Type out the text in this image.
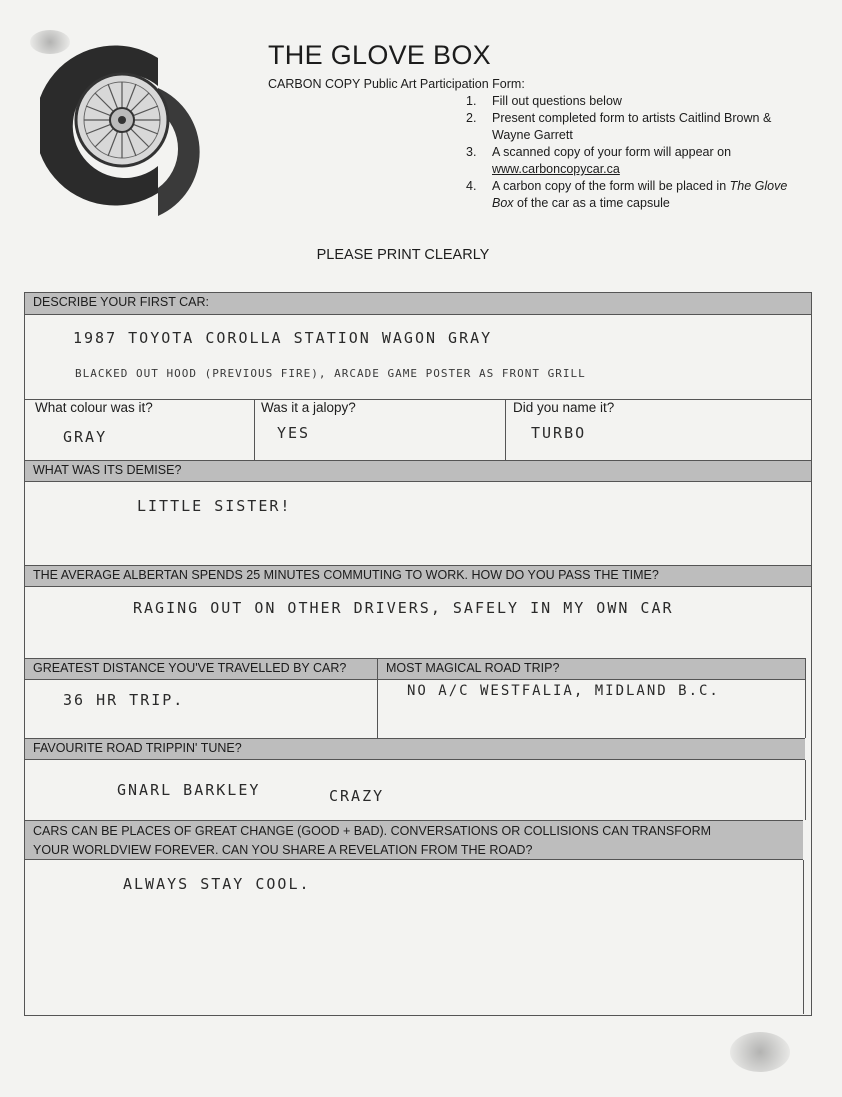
THE GLOVE BOX

CARBON COPY Public Art Participation Form:

1. Fill out questions below
2. Present completed form to artists Caitlind Brown & Wayne Garrett
3. A scanned copy of your form will appear on www.carboncopycar.ca
4. A carbon copy of the form will be placed in The Glove Box of the car as a time capsule
PLEASE PRINT CLEARLY
DESCRIBE YOUR FIRST CAR:
1987 TOYOTA COROLLA STATION WAGON GRAY
BLACKED OUT HOOD (PREVIOUS FIRE), ARCADE GAME POSTER AS FRONT GRILL
What colour was it?	Was it a jalopy?	Did you name it?
GRAY	YES	TURBO
WHAT WAS ITS DEMISE?
LITTLE SISTER!
THE AVERAGE ALBERTAN SPENDS 25 MINUTES COMMUTING TO WORK. HOW DO YOU PASS THE TIME?
RAGING OUT ON OTHER DRIVERS, SAFELY IN MY OWN CAR
GREATEST DISTANCE YOU'VE TRAVELLED BY CAR?	MOST MAGICAL ROAD TRIP?
36 HR TRIP.	NO A/C WESTFALIA, MIDLAND B.C.
FAVOURITE ROAD TRIPPIN' TUNE?
GNARL BARKLEY	CRAZY
CARS CAN BE PLACES OF GREAT CHANGE (GOOD + BAD). CONVERSATIONS OR COLLISIONS CAN TRANSFORM
YOUR WORLDVIEW FOREVER. CAN YOU SHARE A REVELATION FROM THE ROAD?
ALWAYS STAY COOL.
